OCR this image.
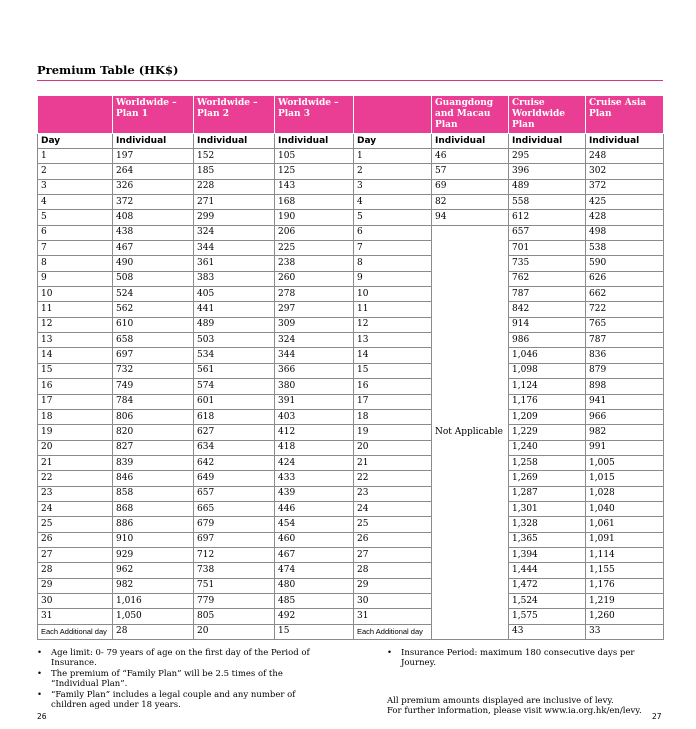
Premium Table (HK$)
	Worldwide – Plan 1	Worldwide – Plan 2	Worldwide – Plan 3		Guangdong and Macau Plan	Cruise Worldwide Plan	Cruise Asia Plan
Day	Individual	Individual	Individual	Day	Individual	Individual	Individual
1	197	152	105	1	46	295	248
2	264	185	125	2	57	396	302
3	326	228	143	3	69	489	372
4	372	271	168	4	82	558	425
5	408	299	190	5	94	612	428
6	438	324	206	6	Not Applicable	657	498
7	467	344	225	7		701	538
8	490	361	238	8		735	590
9	508	383	260	9		762	626
10	524	405	278	10		787	662
11	562	441	297	11		842	722
12	610	489	309	12		914	765
13	658	503	324	13		986	787
14	697	534	344	14		1,046	836
15	732	561	366	15		1,098	879
16	749	574	380	16		1,124	898
17	784	601	391	17		1,176	941
18	806	618	403	18		1,209	966
19	820	627	412	19		1,229	982
20	827	634	418	20		1,240	991
21	839	642	424	21		1,258	1,005
22	846	649	433	22		1,269	1,015
23	858	657	439	23		1,287	1,028
24	868	665	446	24		1,301	1,040
25	886	679	454	25		1,328	1,061
26	910	697	460	26		1,365	1,091
27	929	712	467	27		1,394	1,114
28	962	738	474	28		1,444	1,155
29	982	751	480	29		1,472	1,176
30	1,016	779	485	30		1,524	1,219
31	1,050	805	492	31		1,575	1,260
Each Additional day	28	20	15	Each Additional day		43	33
• Age limit: 0- 79 years of age on the first day of the Period of Insurance.
• The premium of “Family Plan” will be 2.5 times of the “Individual Plan”.
• “Family Plan” includes a legal couple and any number of children aged under 18 years.
• Insurance Period: maximum 180 consecutive days per Journey.
All premium amounts displayed are inclusive of levy.
For further information, please visit www.ia.org.hk/en/levy.
26	27
